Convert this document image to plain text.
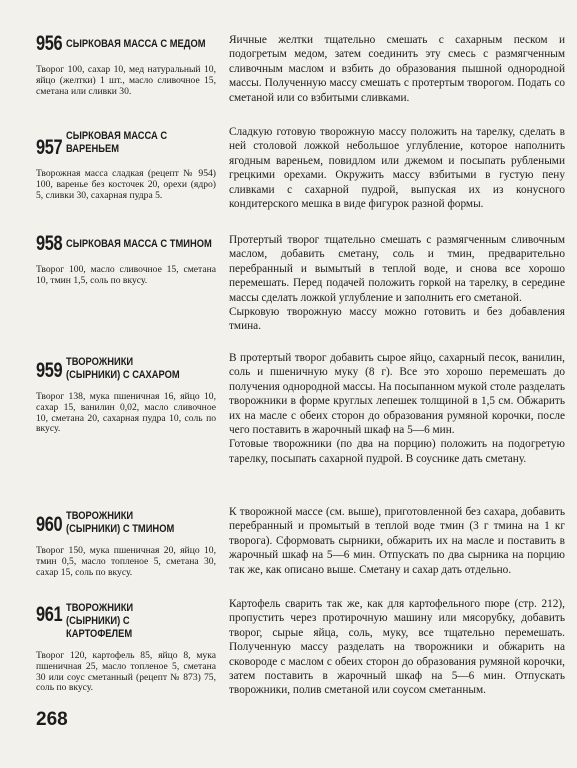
956 СЫРКОВАЯ МАССА С МЕДОМ
Творог 100, сахар 10, мед натуральный 10, яйцо (желтки) 1 шт., масло сливочное 15, сметана или сливки 30.

Яичные желтки тщательно смешать с сахарным песком и подогретым медом, затем соединить эту смесь с размягченным сливочным маслом и взбить до образования пышной однородной массы. Полученную массу смешать с протертым творогом. Подать со сметаной или со взбитыми сливками.

957 СЫРКОВАЯ МАССА С ВАРЕНЬЕМ
Творожная масса сладкая (рецепт № 954) 100, варенье без косточек 20, орехи (ядро) 5, сливки 30, сахарная пудра 5.

Сладкую готовую творожную массу положить на тарелку, сделать в ней столовой ложкой небольшое углубление, которое наполнить ягодным вареньем, повидлом или джемом и посыпать рублеными грецкими орехами. Окружить массу взбитыми в густую пену сливками с сахарной пудрой, выпуская их из конусного кондитерского мешка в виде фигурок разной формы.

958 СЫРКОВАЯ МАССА С ТМИНОМ
Творог 100, масло сливочное 15, сметана 10, тмин 1,5, соль по вкусу.

Протертый творог тщательно смешать с размягченным сливочным маслом, добавить сметану, соль и тмин, предварительно перебранный и вымытый в теплой воде, и снова все хорошо перемешать. Перед подачей положить горкой на тарелку, в середине массы сделать ложкой углубление и заполнить его сметаной.

Сырковую творожную массу можно готовить и без добавления тмина.

959 ТВОРОЖНИКИ (СЫРНИКИ) С САХАРОМ
Творог 138, мука пшеничная 16, яйцо 10, сахар 15, ванилин 0,02, масло сливочное 10, сметана 20, сахарная пудра 10, соль по вкусу.

В протертый творог добавить сырое яйцо, сахарный песок, ванилин, соль и пшеничную муку (8 г). Все это хорошо перемешать до получения однородной массы. На посыпанном мукой столе разделать творожники в форме круглых лепешек толщиной в 1,5 см. Обжарить их на масле с обеих сторон до образования румяной корочки, после чего поставить в жарочный шкаф на 5—6 мин.

Готовые творожники (по два на порцию) положить на подогретую тарелку, посыпать сахарной пудрой. В соуснике дать сметану.

960 ТВОРОЖНИКИ (СЫРНИКИ) С ТМИНОМ
Творог 150, мука пшеничная 20, яйцо 10, тмин 0,5, масло топленое 5, сметана 30, сахар 15, соль по вкусу.

К творожной массе (см. выше), приготовленной без сахара, добавить перебранный и промытый в теплой воде тмин (3 г тмина на 1 кг творога). Сформовать сырники, обжарить их на масле и поставить в жарочный шкаф на 5—6 мин. Отпускать по два сырника на порцию так же, как описано выше. Сметану и сахар дать отдельно.

961 ТВОРОЖНИКИ (СЫРНИКИ) С КАРТОФЕЛЕМ
Творог 120, картофель 85, яйцо 8, мука пшеничная 25, масло топленое 5, сметана 30 или соус сметанный (рецепт № 873) 75, соль по вкусу.

Картофель сварить так же, как для картофельного пюре (стр. 212), пропустить через протирочную машину или мясорубку, добавить творог, сырые яйца, соль, муку, все тщательно перемешать. Полученную массу разделать на творожники и обжарить на сковороде с маслом с обеих сторон до образования румяной корочки, затем поставить в жарочный шкаф на 5—6 мин. Отпускать творожники, полив сметаной или соусом сметанным.

268
